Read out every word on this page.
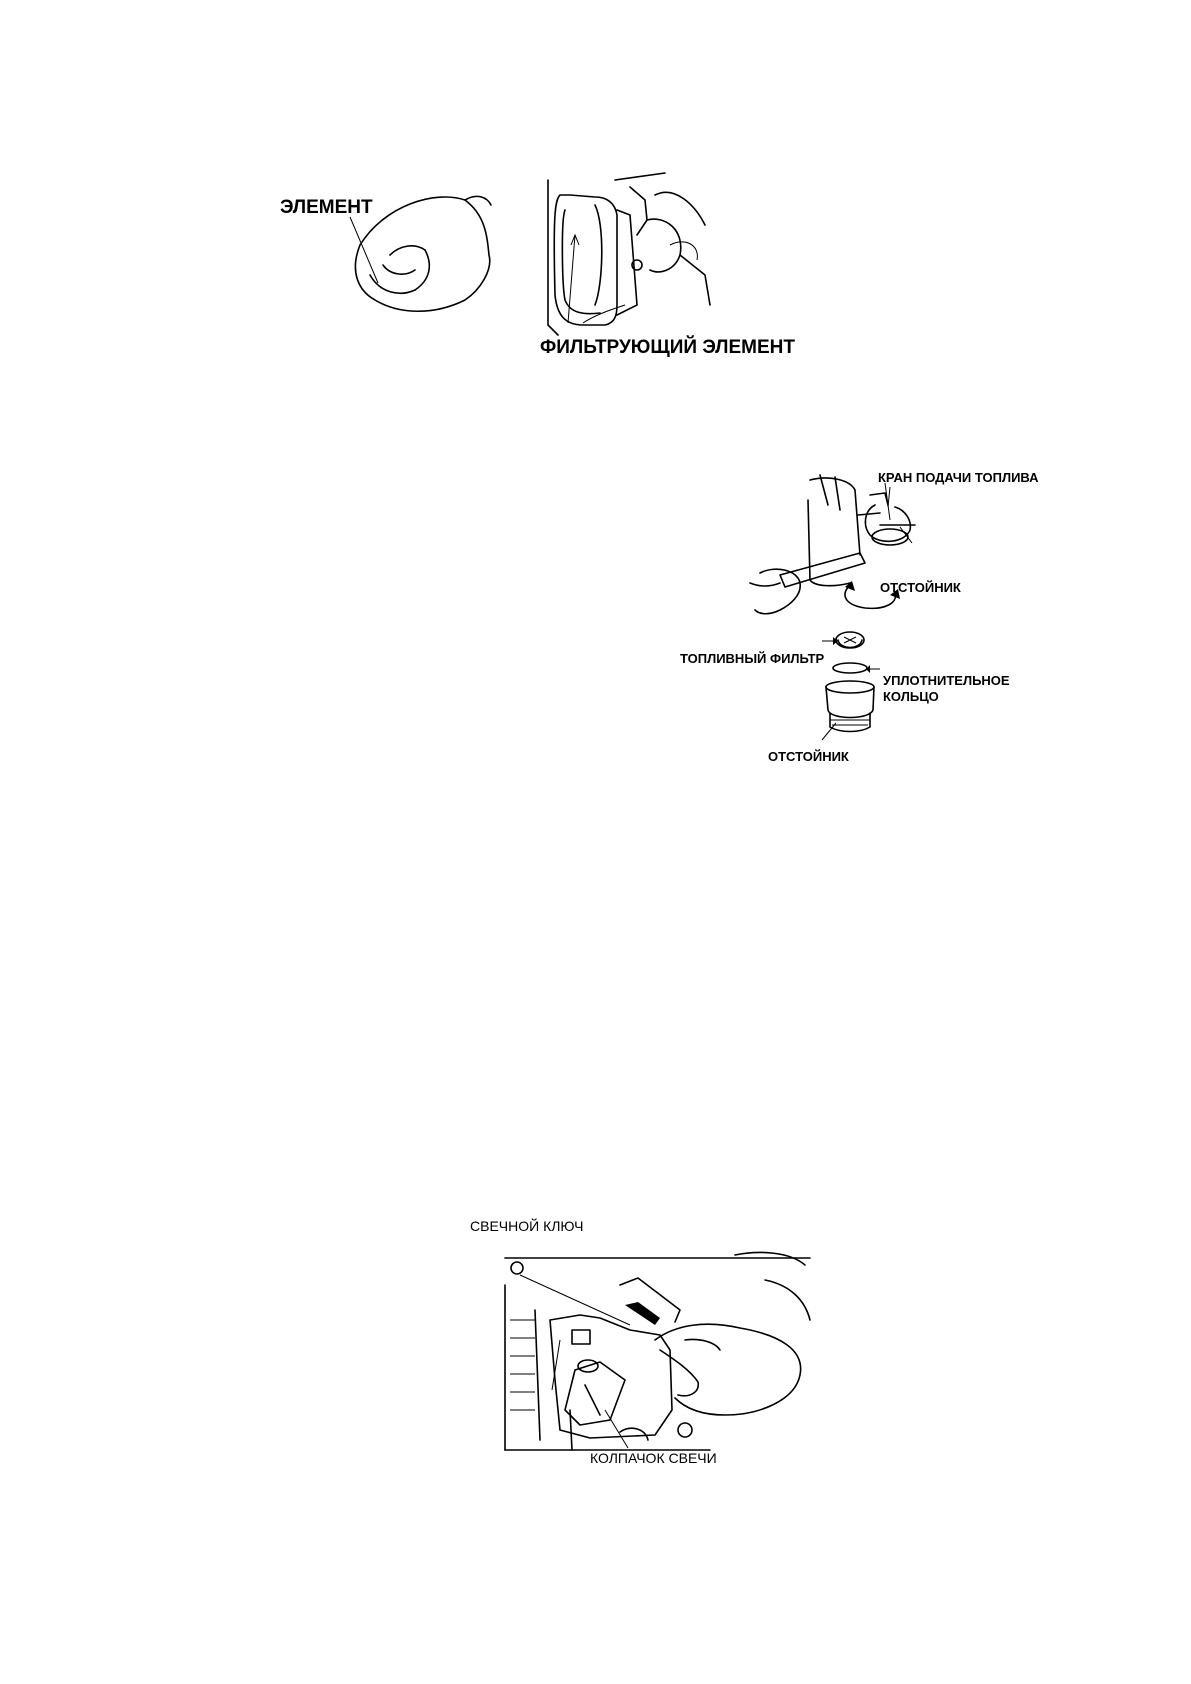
ЭЛЕМЕНТ
ФИЛЬТРУЮЩИЙ ЭЛЕМЕНТ
КРАН ПОДАЧИ ТОПЛИВА
ОТСТОЙНИК
ТОПЛИВНЫЙ ФИЛЬТР
УПЛОТНИТЕЛЬНОЕ
КОЛЬЦО
ОТСТОЙНИК
СВЕЧНОЙ КЛЮЧ
КОЛПАЧОК СВЕЧИ
